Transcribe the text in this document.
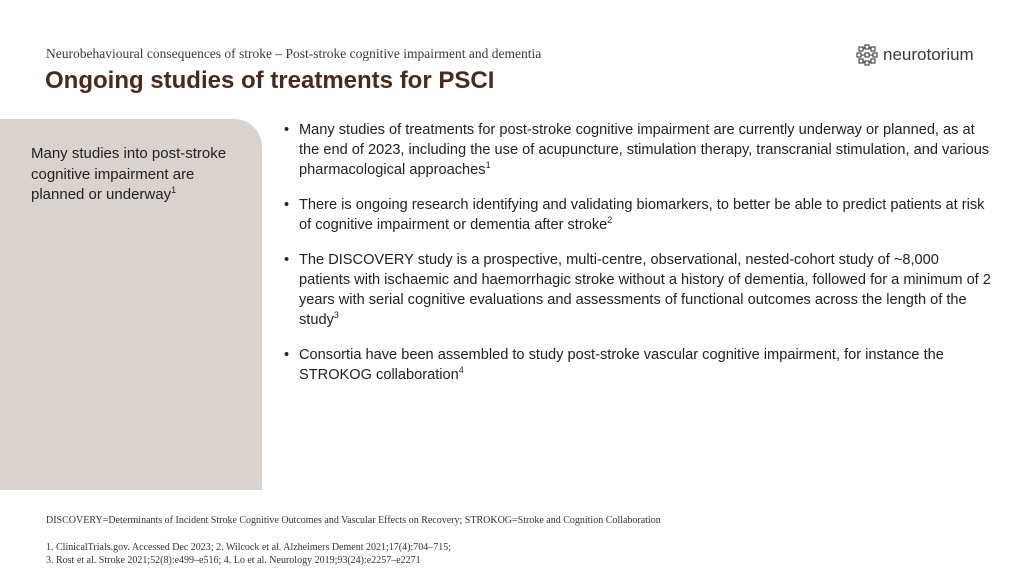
Neurobehavioural consequences of stroke – Post-stroke cognitive impairment and dementia
Ongoing studies of treatments for PSCI
neurotorium
Many studies into post-stroke cognitive impairment are planned or underway$^1$
• Many studies of treatments for post-stroke cognitive impairment are currently underway or planned, as at the end of 2023, including the use of acupuncture, stimulation therapy, transcranial stimulation, and various pharmacological approaches$^1$
• There is ongoing research identifying and validating biomarkers, to better be able to predict patients at risk of cognitive impairment or dementia after stroke$^2$
• The DISCOVERY study is a prospective, multi-centre, observational, nested-cohort study of ~8,000 patients with ischaemic and haemorrhagic stroke without a history of dementia, followed for a minimum of 2 years with serial cognitive evaluations and assessments of functional outcomes across the length of the study$^3$
• Consortia have been assembled to study post-stroke vascular cognitive impairment, for instance the STROKOG collaboration$^4$
DISCOVERY=Determinants of Incident Stroke Cognitive Outcomes and Vascular Effects on Recovery; STROKOG=Stroke and Cognition Collaboration
1. ClinicalTrials.gov. Accessed Dec 2023; 2. Wilcock et al. Alzheimers Dement 2021;17(4):704–715;
3. Rost et al. Stroke 2021;52(8):e499–e516; 4. Lo et al. Neurology 2019;93(24):e2257–e2271
